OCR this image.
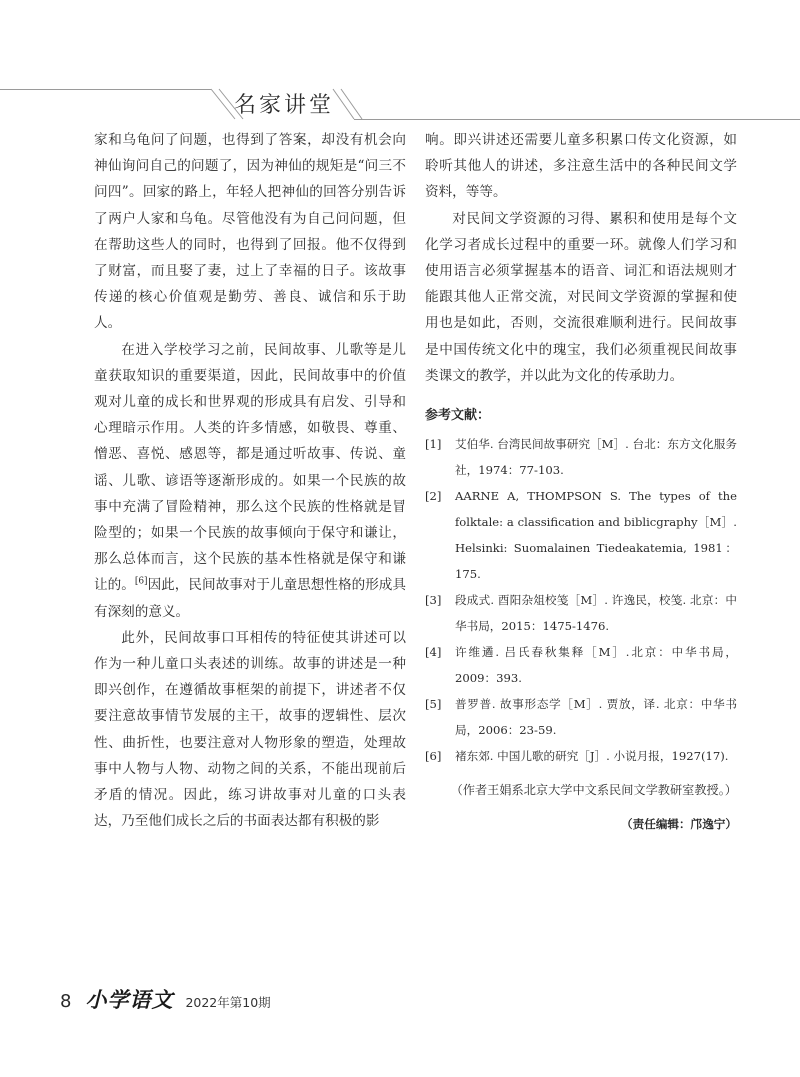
名家讲堂

家和乌龟问了问题，也得到了答案，却没有机会向神仙询问自己的问题了，因为神仙的规矩是“问三不问四”。回家的路上，年轻人把神仙的回答分别告诉了两户人家和乌龟。尽管他没有为自己问问题，但在帮助这些人的同时，也得到了回报。他不仅得到了财富，而且娶了妻，过上了幸福的日子。该故事传递的核心价值观是勤劳、善良、诚信和乐于助人。

在进入学校学习之前，民间故事、儿歌等是儿童获取知识的重要渠道，因此，民间故事中的价值观对儿童的成长和世界观的形成具有启发、引导和心理暗示作用。人类的许多情感，如敬畏、尊重、憎恶、喜悦、感恩等，都是通过听故事、传说、童谣、儿歌、谚语等逐渐形成的。如果一个民族的故事中充满了冒险精神，那么这个民族的性格就是冒险型的；如果一个民族的故事倾向于保守和谦让，那么总体而言，这个民族的基本性格就是保守和谦让的。[6]因此，民间故事对于儿童思想性格的形成具有深刻的意义。

此外，民间故事口耳相传的特征使其讲述可以作为一种儿童口头表述的训练。故事的讲述是一种即兴创作，在遵循故事框架的前提下，讲述者不仅要注意故事情节发展的主干，故事的逻辑性、层次性、曲折性，也要注意对人物形象的塑造，处理故事中人物与人物、动物之间的关系，不能出现前后矛盾的情况。因此，练习讲故事对儿童的口头表达，乃至他们成长之后的书面表达都有积极的影

响。即兴讲述还需要儿童多积累口传文化资源，如聆听其他人的讲述，多注意生活中的各种民间文学资料，等等。

对民间文学资源的习得、累积和使用是每个文化学习者成长过程中的重要一环。就像人们学习和使用语言必须掌握基本的语音、词汇和语法规则才能跟其他人正常交流，对民间文学资源的掌握和使用也是如此，否则，交流很难顺利进行。民间故事是中国传统文化中的瑰宝，我们必须重视民间故事类课文的教学，并以此为文化的传承助力。

参考文献：
[1]	艾伯华. 台湾民间故事研究［M］. 台北：东方文化服务社，1974：77-103.
[2]	AARNE A, THOMPSON S. The types of the folktale: a classification and biblicgraphy［M］. Helsinki: Suomalainen Tiedeakatemia, 1981：175.
[3]	段成式. 酉阳杂俎校笺［M］. 许逸民，校笺. 北京：中华书局，2015：1475-1476.
[4]	许维遹. 吕氏春秋集释［M］.北京：中华书局，2009：393.
[5]	普罗普. 故事形态学［M］. 贾放，译. 北京：中华书局，2006：23-59.
[6]	褚东郊. 中国儿歌的研究［J］. 小说月报，1927(17).
（作者王娟系北京大学中文系民间文学教研室教授。）
（责任编辑：邝逸宁）
8 小学语文 2022年第10期
